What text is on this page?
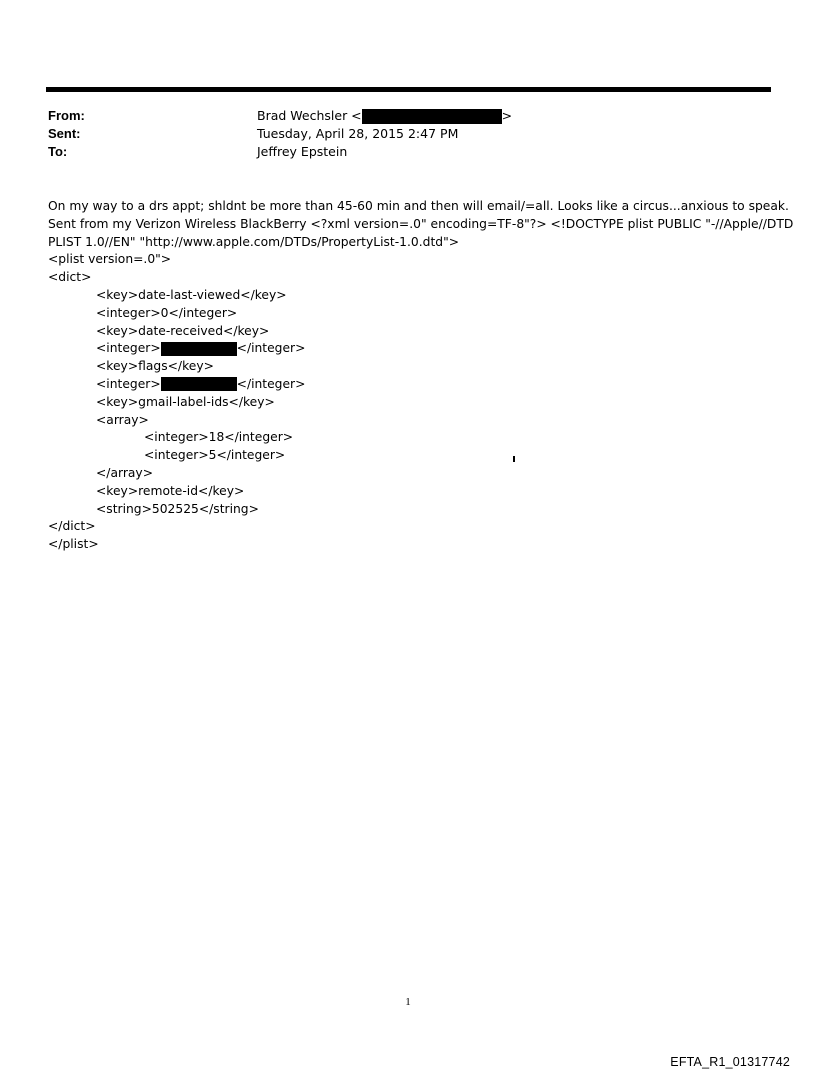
From:	Brad Wechsler <	>
Sent:	Tuesday, April 28, 2015 2:47 PM
To:	Jeffrey Epstein
On my way to a drs appt; shldnt be more than 45-60 min and then will email/=all. Looks like a circus...anxious to speak.
Sent from my Verizon Wireless BlackBerry <?xml version=.0" encoding=TF-8"?> <!DOCTYPE plist PUBLIC "-//Apple//DTD
PLIST 1.0//EN" "http://www.apple.com/DTDs/PropertyList-1.0.dtd">
<plist version=.0">
<dict>
<key>date-last-viewed</key>
<integer>0</integer>
<key>date-received</key>
<integer>	</integer>
<key>flags</key>
<integer>	</integer>
<key>gmail-label-ids</key>
<array>
<integer>18</integer>
<integer>5</integer>
</array>
<key>remote-id</key>
<string>502525</string>
</dict>
</plist>
1
EFTA_R1_01317742
